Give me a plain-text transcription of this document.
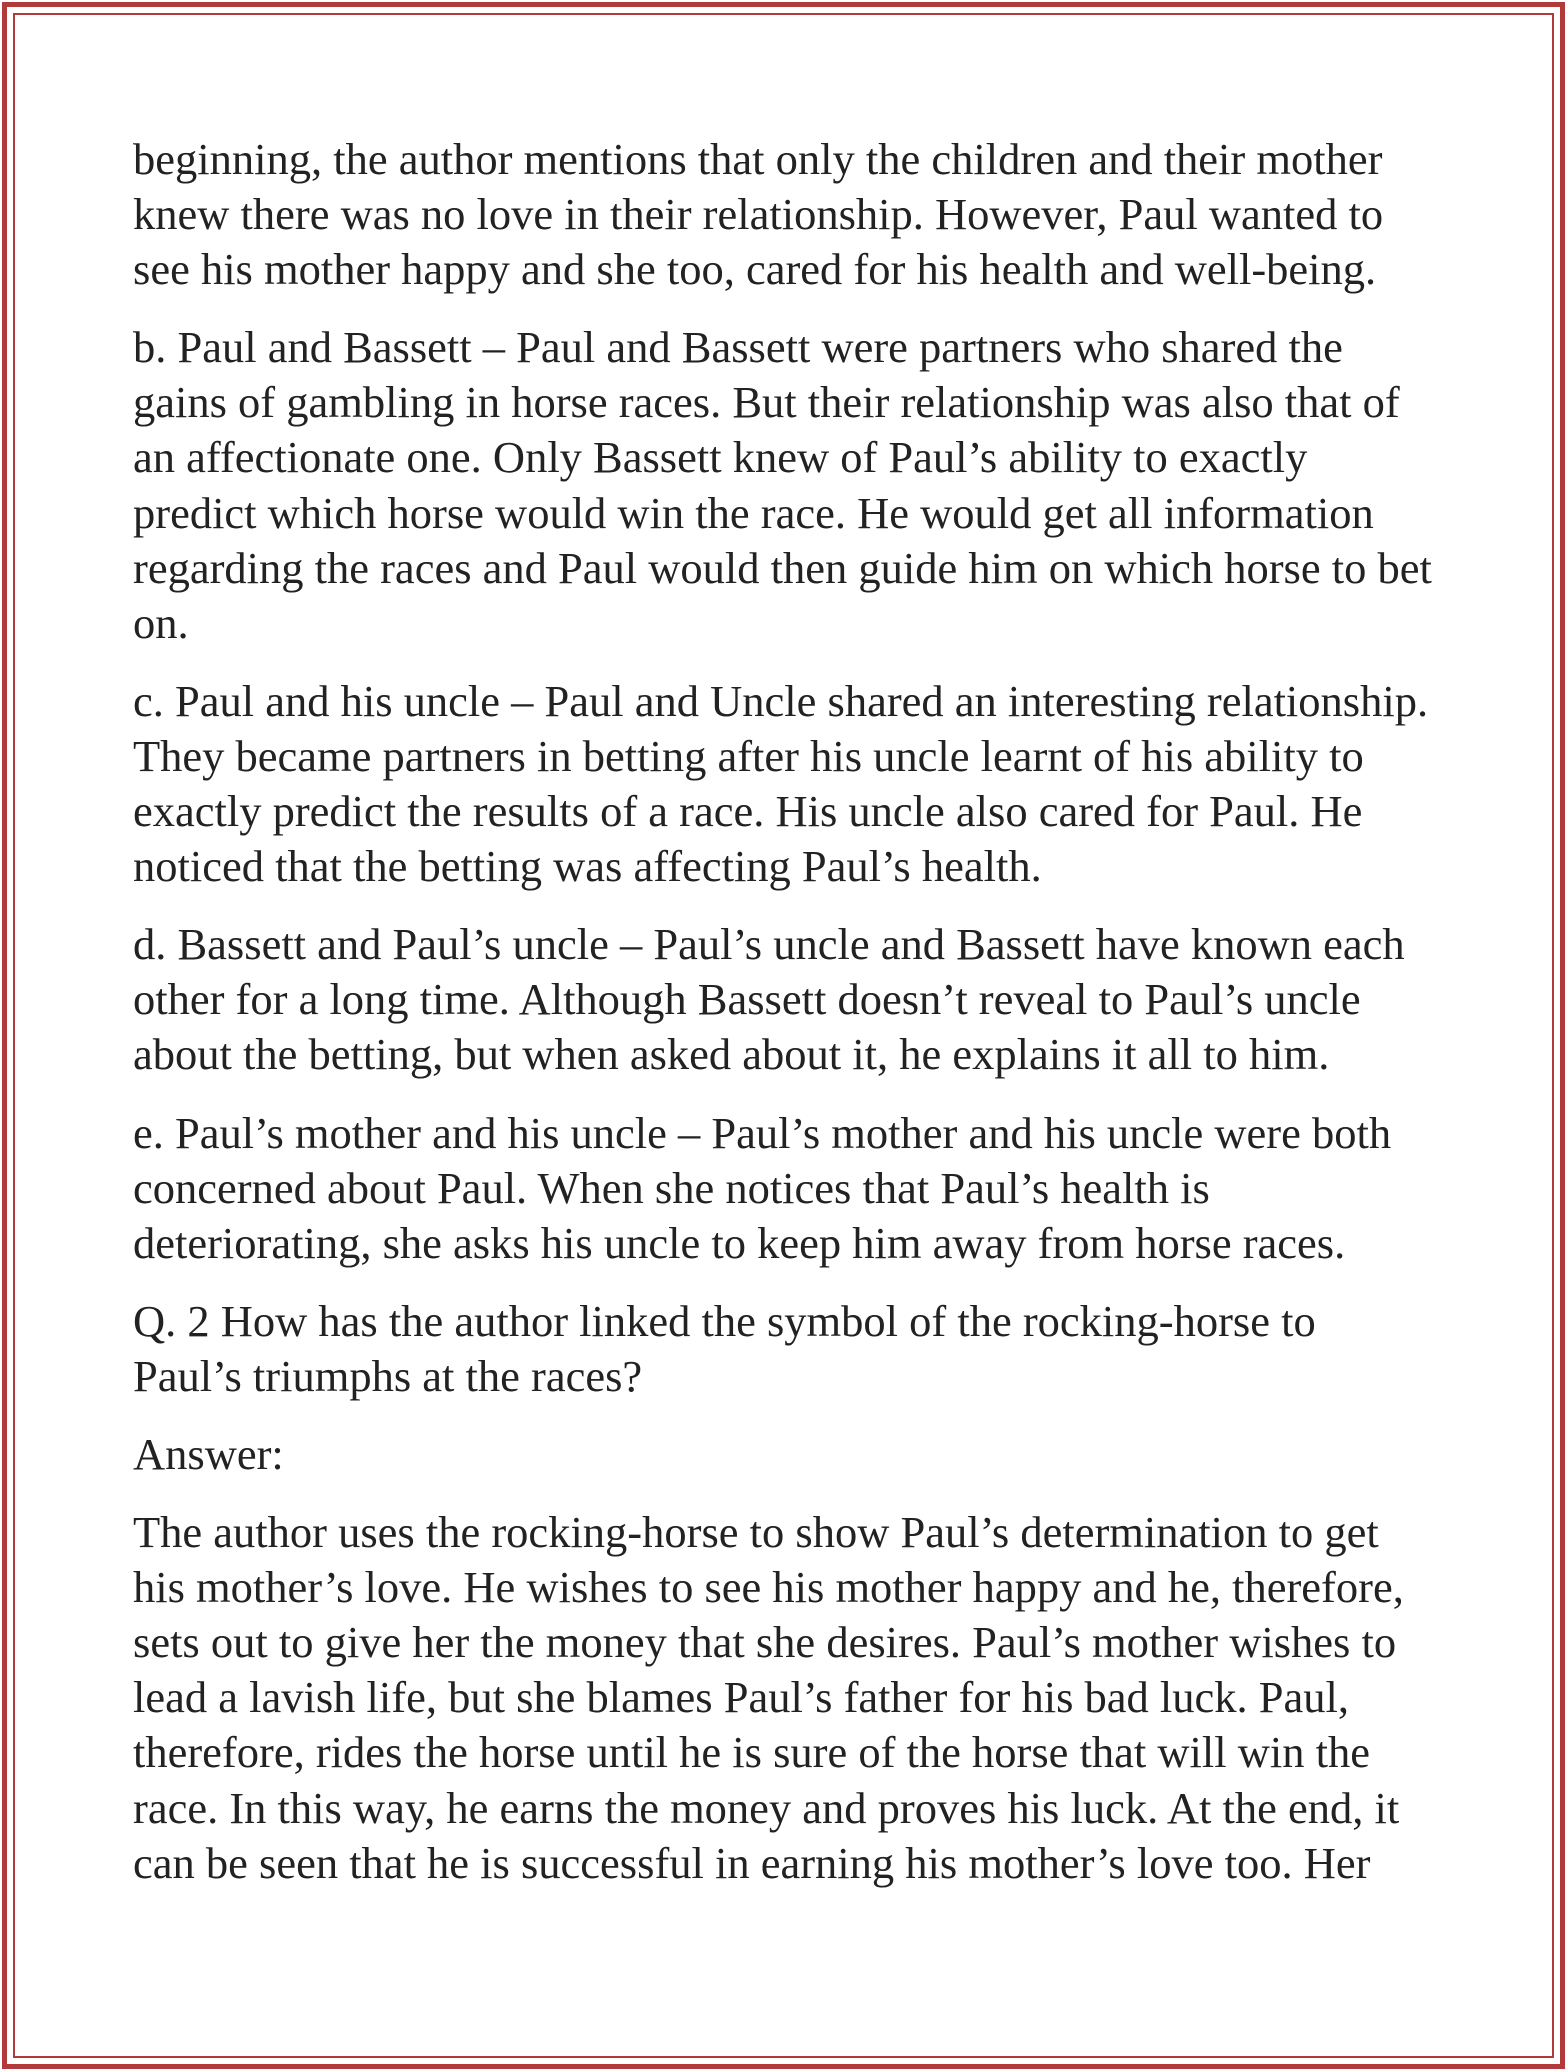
beginning, the author mentions that only the children and their mother
knew there was no love in their relationship. However, Paul wanted to
see his mother happy and she too, cared for his health and well-being.
b. Paul and Bassett – Paul and Bassett were partners who shared the
gains of gambling in horse races. But their relationship was also that of
an affectionate one. Only Bassett knew of Paul’s ability to exactly
predict which horse would win the race. He would get all information
regarding the races and Paul would then guide him on which horse to bet
on.
c. Paul and his uncle – Paul and Uncle shared an interesting relationship.
They became partners in betting after his uncle learnt of his ability to
exactly predict the results of a race. His uncle also cared for Paul. He
noticed that the betting was affecting Paul’s health.
d. Bassett and Paul’s uncle – Paul’s uncle and Bassett have known each
other for a long time. Although Bassett doesn’t reveal to Paul’s uncle
about the betting, but when asked about it, he explains it all to him.
e. Paul’s mother and his uncle – Paul’s mother and his uncle were both
concerned about Paul. When she notices that Paul’s health is
deteriorating, she asks his uncle to keep him away from horse races.
Q. 2 How has the author linked the symbol of the rocking-horse to
Paul’s triumphs at the races?
Answer:
The author uses the rocking-horse to show Paul’s determination to get
his mother’s love. He wishes to see his mother happy and he, therefore,
sets out to give her the money that she desires. Paul’s mother wishes to
lead a lavish life, but she blames Paul’s father for his bad luck. Paul,
therefore, rides the horse until he is sure of the horse that will win the
race. In this way, he earns the money and proves his luck. At the end, it
can be seen that he is successful in earning his mother’s love too. Her
